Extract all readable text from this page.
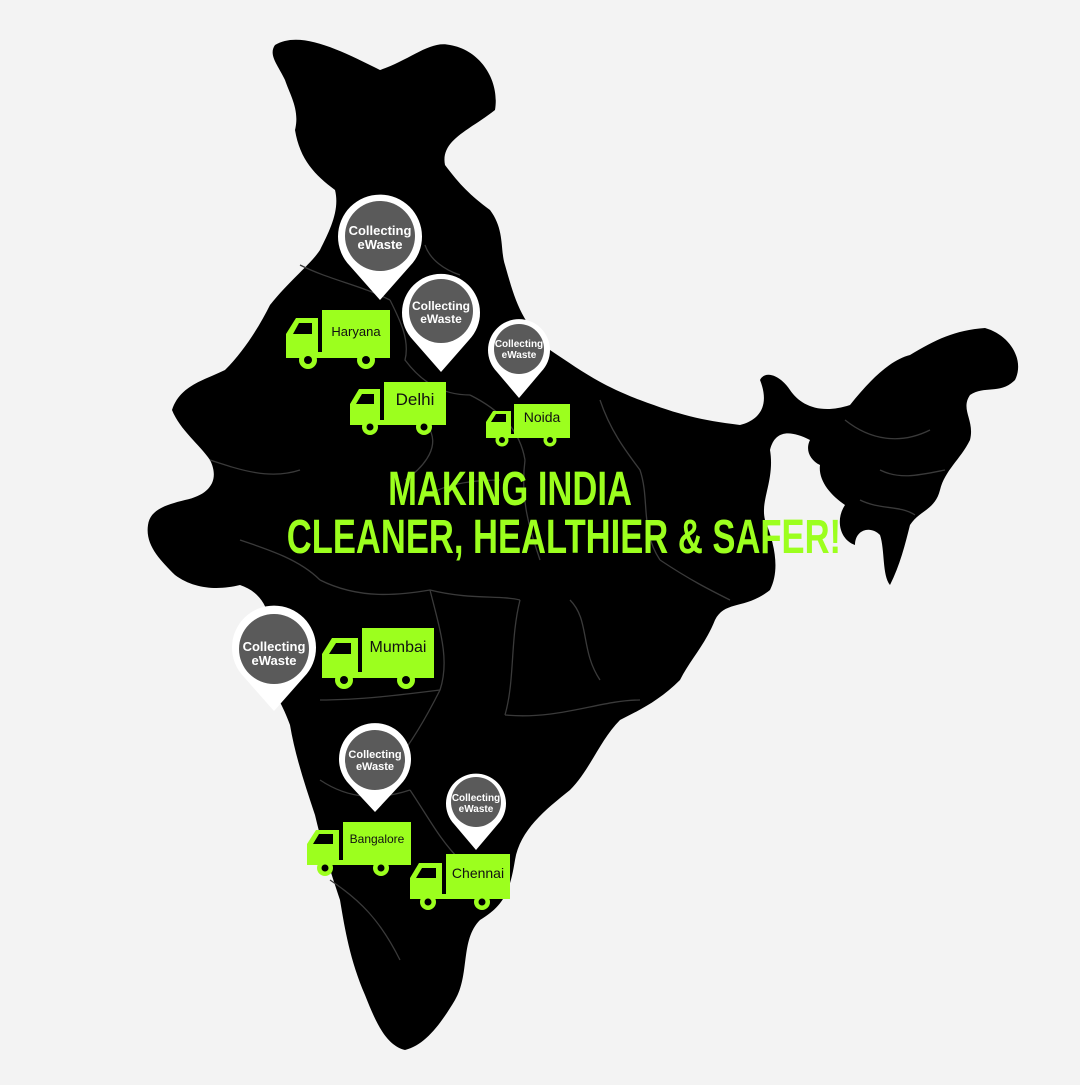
MAKING INDIA
CLEANER, HEALTHIER & SAFER!
Collecting
eWaste
Collecting
eWaste
Collecting
eWaste
Collecting
eWaste
Collecting
eWaste
Collecting
eWaste
Haryana
Delhi
Noida
Mumbai
Bangalore
Chennai
